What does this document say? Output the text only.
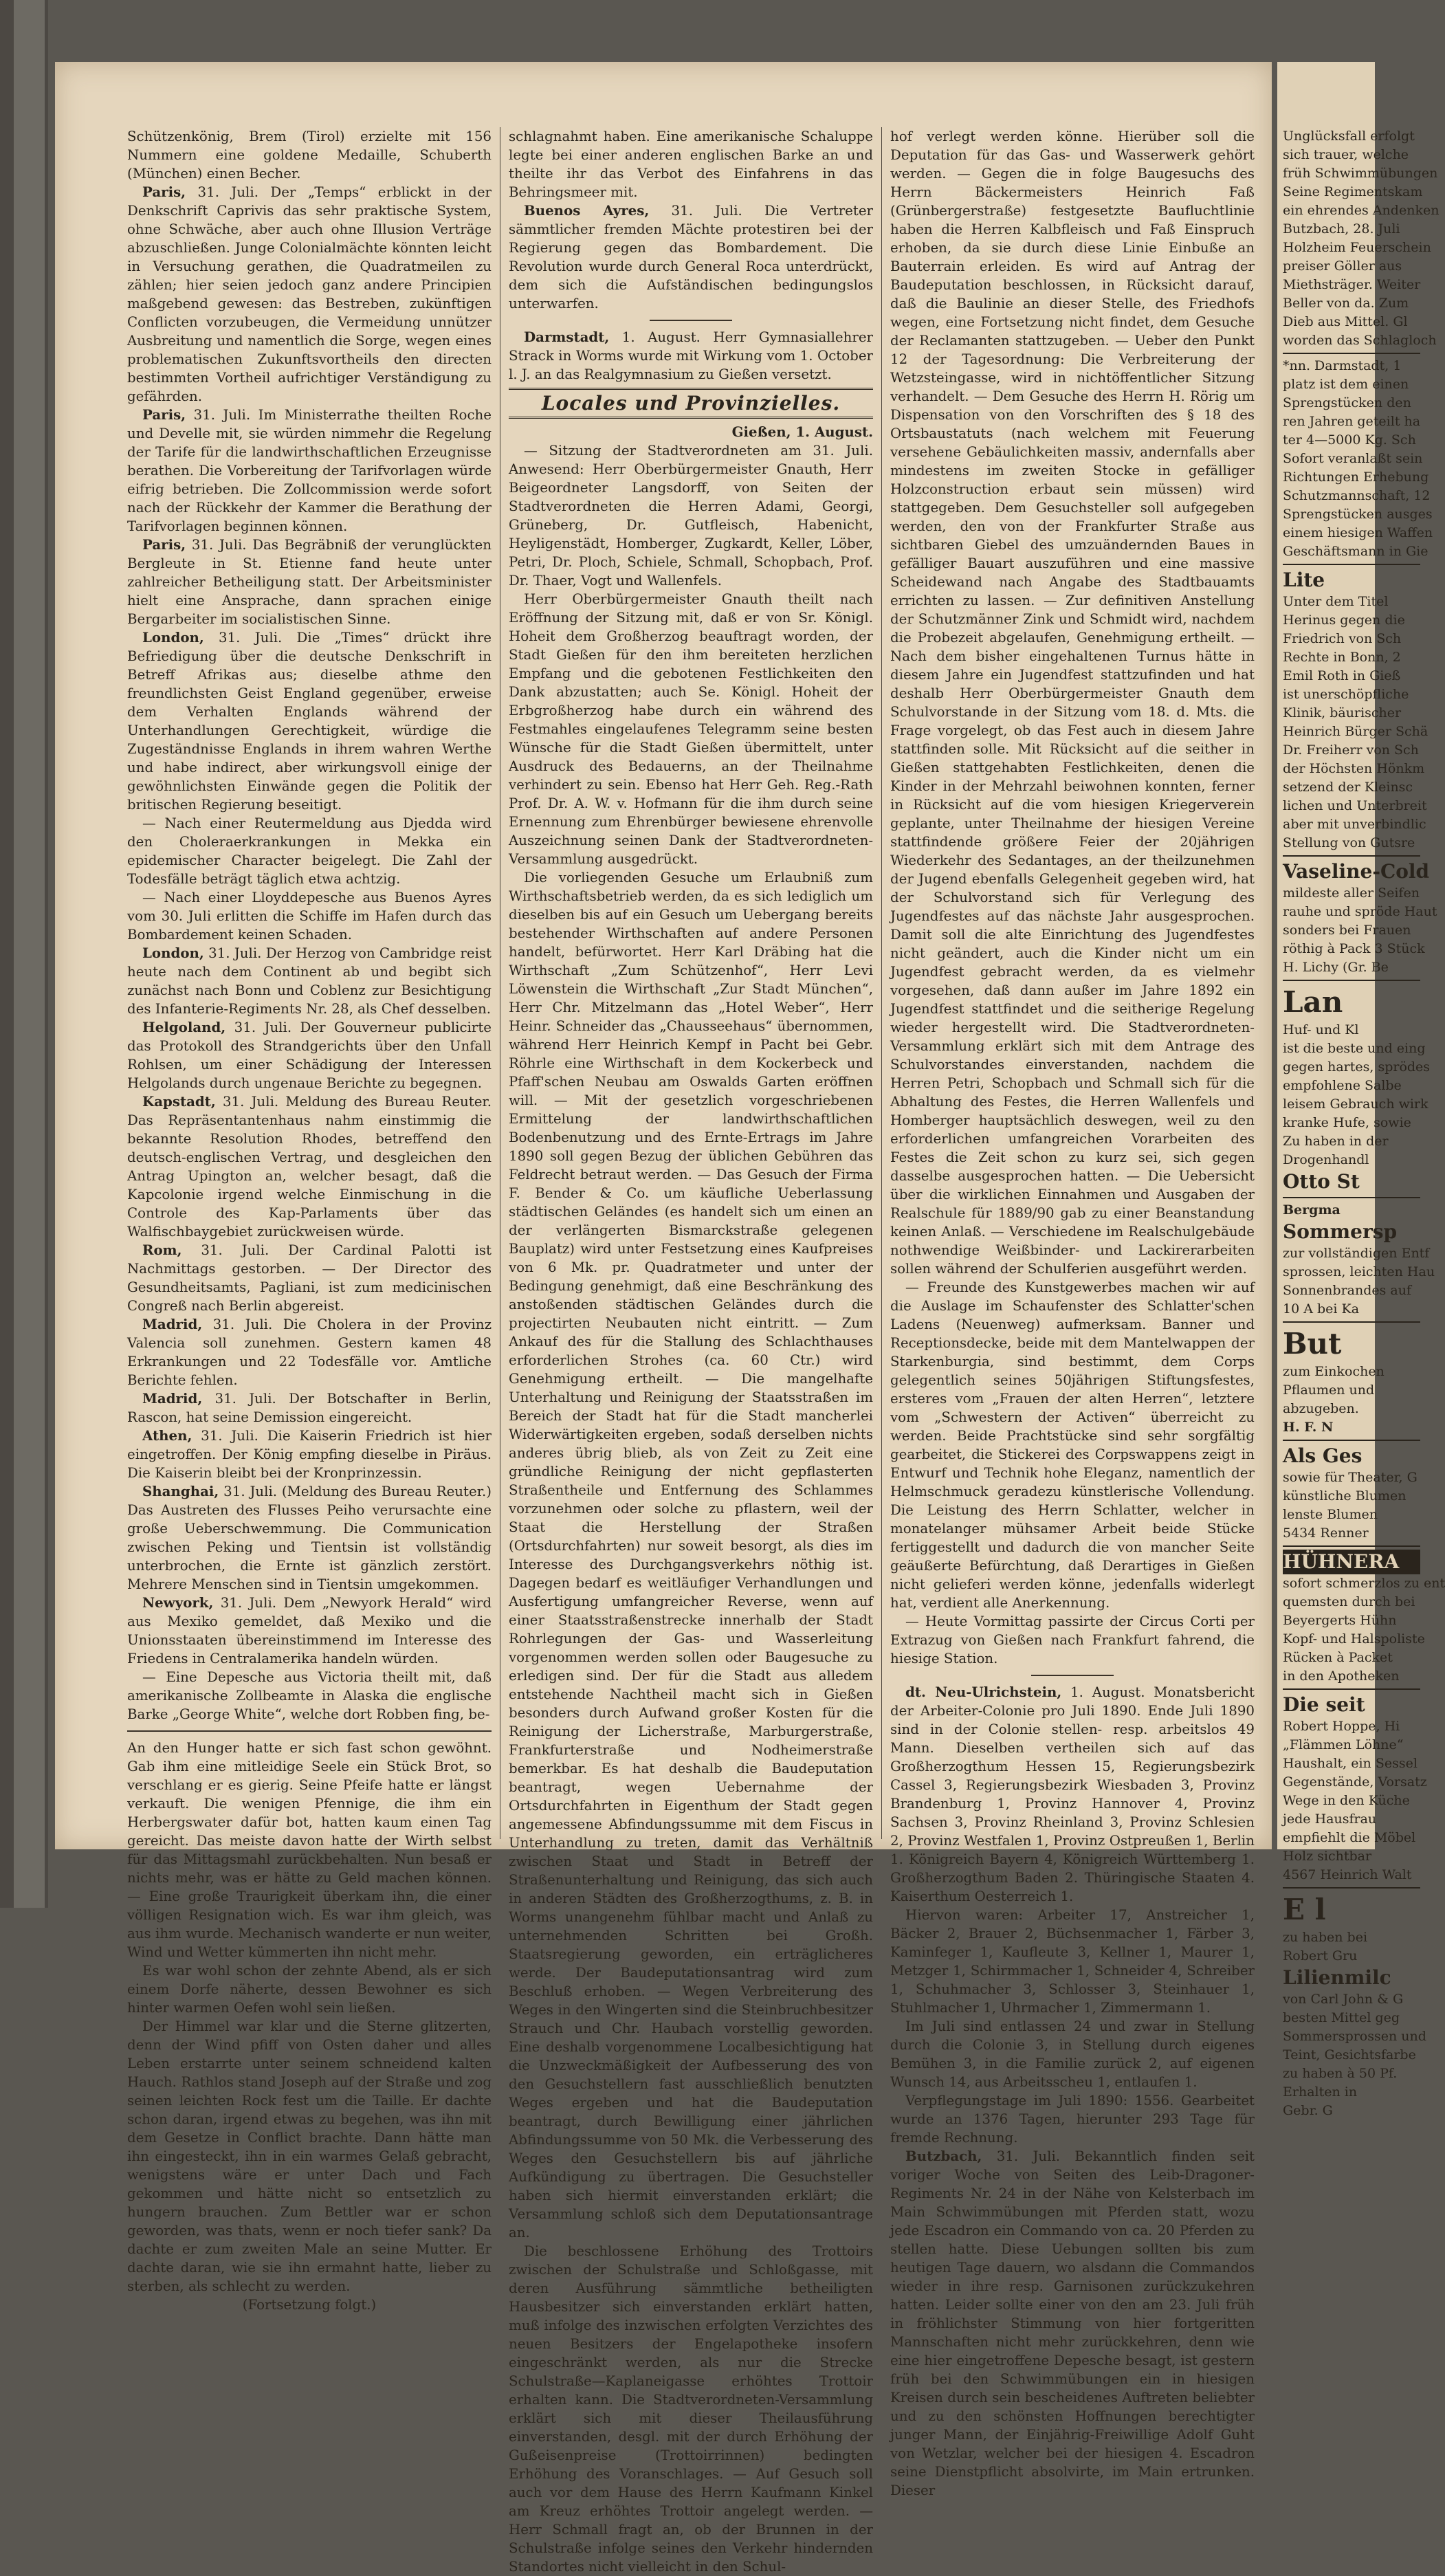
Schützenkönig, Brem (Tirol) erzielte mit 156 Nummern eine goldene Medaille, Schuberth (München) einen Becher.

Paris, 31. Juli. Der „Temps“ erblickt in der Denkschrift Caprivis das sehr praktische System, ohne Schwäche, aber auch ohne Illusion Verträge abzuschließen. Junge Colonialmächte könnten leicht in Versuchung gerathen, die Quadratmeilen zu zählen; hier seien jedoch ganz andere Principien maßgebend gewesen: das Bestreben, zukünftigen Conflicten vorzubeugen, die Vermeidung unnützer Ausbreitung und namentlich die Sorge, wegen eines problematischen Zukunftsvortheils den directen bestimmten Vortheil aufrichtiger Verständigung zu gefährden.

Paris, 31. Juli. Im Ministerrathe theilten Roche und Develle mit, sie würden nimmehr die Regelung der Tarife für die landwirthschaftlichen Erzeugnisse berathen. Die Vorbereitung der Tarifvorlagen würde eifrig betrieben. Die Zollcommission werde sofort nach der Rückkehr der Kammer die Berathung der Tarifvorlagen beginnen können.

Paris, 31. Juli. Das Begräbniß der verunglückten Bergleute in St. Etienne fand heute unter zahlreicher Betheiligung statt. Der Arbeitsminister hielt eine Ansprache, dann sprachen einige Bergarbeiter im socialistischen Sinne.

London, 31. Juli. Die „Times“ drückt ihre Befriedigung über die deutsche Denkschrift in Betreff Afrikas aus; dieselbe athme den freundlichsten Geist England gegenüber, erweise dem Verhalten Englands während der Unterhandlungen Gerechtigkeit, würdige die Zugeständnisse Englands in ihrem wahren Werthe und habe indirect, aber wirkungsvoll einige der gewöhnlichsten Einwände gegen die Politik der britischen Regierung beseitigt.

— Nach einer Reutermeldung aus Djedda wird den Choleraerkrankungen in Mekka ein epidemischer Character beigelegt. Die Zahl der Todesfälle beträgt täglich etwa achtzig.

— Nach einer Lloyddepesche aus Buenos Ayres vom 30. Juli erlitten die Schiffe im Hafen durch das Bombardement keinen Schaden.

London, 31. Juli. Der Herzog von Cambridge reist heute nach dem Continent ab und begibt sich zunächst nach Bonn und Coblenz zur Besichtigung des Infanterie-Regiments Nr. 28, als Chef desselben.

Helgoland, 31. Juli. Der Gouverneur publicirte das Protokoll des Strandgerichts über den Unfall Rohlsen, um einer Schädigung der Interessen Helgolands durch ungenaue Berichte zu begegnen.

Kapstadt, 31. Juli. Meldung des Bureau Reuter. Das Repräsentantenhaus nahm einstimmig die bekannte Resolution Rhodes, betreffend den deutsch-englischen Vertrag, und desgleichen den Antrag Upington an, welcher besagt, daß die Kapcolonie irgend welche Einmischung in die Controle des Kap-Parlaments über das Walfischbaygebiet zurückweisen würde.

Rom, 31. Juli. Der Cardinal Palotti ist Nachmittags gestorben. — Der Director des Gesundheitsamts, Pagliani, ist zum medicinischen Congreß nach Berlin abgereist.

Madrid, 31. Juli. Die Cholera in der Provinz Valencia soll zunehmen. Gestern kamen 48 Erkrankungen und 22 Todesfälle vor. Amtliche Berichte fehlen.

Madrid, 31. Juli. Der Botschafter in Berlin, Rascon, hat seine Demission eingereicht.

Athen, 31. Juli. Die Kaiserin Friedrich ist hier eingetroffen. Der König empfing dieselbe in Piräus. Die Kaiserin bleibt bei der Kronprinzessin.

Shanghai, 31. Juli. (Meldung des Bureau Reuter.) Das Austreten des Flusses Peiho verursachte eine große Ueberschwemmung. Die Communication zwischen Peking und Tientsin ist vollständig unterbrochen, die Ernte ist gänzlich zerstört. Mehrere Menschen sind in Tientsin umgekommen.

Newyork, 31. Juli. Dem „Newyork Herald“ wird aus Mexiko gemeldet, daß Mexiko und die Unionsstaaten übereinstimmend im Interesse des Friedens in Centralamerika handeln würden.

— Eine Depesche aus Victoria theilt mit, daß amerikanische Zollbeamte in Alaska die englische Barke „George White“, welche dort Robben fing, be-

An den Hunger hatte er sich fast schon gewöhnt. Gab ihm eine mitleidige Seele ein Stück Brot, so verschlang er es gierig. Seine Pfeife hatte er längst verkauft. Die wenigen Pfennige, die ihm ein Herbergswater dafür bot, hatten kaum einen Tag gereicht. Das meiste davon hatte der Wirth selbst für das Mittagsmahl zurückbehalten. Nun besaß er nichts mehr, was er hätte zu Geld machen können. — Eine große Traurigkeit überkam ihn, die einer völligen Resignation wich. Es war ihm gleich, was aus ihm wurde. Mechanisch wanderte er nun weiter, Wind und Wetter kümmerten ihn nicht mehr.

Es war wohl schon der zehnte Abend, als er sich einem Dorfe näherte, dessen Bewohner es sich hinter warmen Oefen wohl sein ließen.

Der Himmel war klar und die Sterne glitzerten, denn der Wind pfiff von Osten daher und alles Leben erstarrte unter seinem schneidend kalten Hauch. Rathlos stand Joseph auf der Straße und zog seinen leichten Rock fest um die Taille. Er dachte schon daran, irgend etwas zu begehen, was ihn mit dem Gesetze in Conflict brachte. Dann hätte man ihn eingesteckt, ihn in ein warmes Gelaß gebracht, wenigstens wäre er unter Dach und Fach gekommen und hätte nicht so entsetzlich zu hungern brauchen. Zum Bettler war er schon geworden, was thats, wenn er noch tiefer sank? Da dachte er zum zweiten Male an seine Mutter. Er dachte daran, wie sie ihn ermahnt hatte, lieber zu sterben, als schlecht zu werden.

(Fortsetzung folgt.)

schlagnahmt haben. Eine amerikanische Schaluppe legte bei einer anderen englischen Barke an und theilte ihr das Verbot des Einfahrens in das Behringsmeer mit.

Buenos Ayres, 31. Juli. Die Vertreter sämmtlicher fremden Mächte protestiren bei der Regierung gegen das Bombardement. Die Revolution wurde durch General Roca unterdrückt, dem sich die Aufständischen bedingungslos unterwarfen.

Darmstadt, 1. August. Herr Gymnasiallehrer Strack in Worms wurde mit Wirkung vom 1. October l. J. an das Realgymnasium zu Gießen versetzt.

Locales und Provinzielles.

Gießen, 1. August.

— Sitzung der Stadtverordneten am 31. Juli. Anwesend: Herr Oberbürgermeister Gnauth, Herr Beigeordneter Langsdorff, von Seiten der Stadtverordneten die Herren Adami, Georgi, Grüneberg, Dr. Gutfleisch, Habenicht, Heyligenstädt, Homberger, Zugkardt, Keller, Löber, Petri, Dr. Ploch, Schiele, Schmall, Schopbach, Prof. Dr. Thaer, Vogt und Wallenfels.

Herr Oberbürgermeister Gnauth theilt nach Eröffnung der Sitzung mit, daß er von Sr. Königl. Hoheit dem Großherzog beauftragt worden, der Stadt Gießen für den ihm bereiteten herzlichen Empfang und die gebotenen Festlichkeiten den Dank abzustatten; auch Se. Königl. Hoheit der Erbgroßherzog habe durch ein während des Festmahles eingelaufenes Telegramm seine besten Wünsche für die Stadt Gießen übermittelt, unter Ausdruck des Bedauerns, an der Theilnahme verhindert zu sein. Ebenso hat Herr Geh. Reg.-Rath Prof. Dr. A. W. v. Hofmann für die ihm durch seine Ernennung zum Ehrenbürger bewiesene ehrenvolle Auszeichnung seinen Dank der Stadtverordneten-Versammlung ausgedrückt.

Die vorliegenden Gesuche um Erlaubniß zum Wirthschaftsbetrieb werden, da es sich lediglich um dieselben bis auf ein Gesuch um Uebergang bereits bestehender Wirthschaften auf andere Personen handelt, befürwortet. Herr Karl Dräbing hat die Wirthschaft „Zum Schützenhof“, Herr Levi Löwenstein die Wirthschaft „Zur Stadt München“, Herr Chr. Mitzelmann das „Hotel Weber“, Herr Heinr. Schneider das „Chausseehaus“ übernommen, während Herr Heinrich Kempf in Pacht bei Gebr. Röhrle eine Wirthschaft in dem Kockerbeck und Pfaff'schen Neubau am Oswalds Garten eröffnen will. — Mit der gesetzlich vorgeschriebenen Ermittelung der landwirthschaftlichen Bodenbenutzung und des Ernte-Ertrags im Jahre 1890 soll gegen Bezug der üblichen Gebühren das Feldrecht betraut werden. — Das Gesuch der Firma F. Bender & Co. um käufliche Ueberlassung städtischen Geländes (es handelt sich um einen an der verlängerten Bismarckstraße gelegenen Bauplatz) wird unter Festsetzung eines Kaufpreises von 6 Mk. pr. Quadratmeter und unter der Bedingung genehmigt, daß eine Beschränkung des anstoßenden städtischen Geländes durch die projectirten Neubauten nicht eintritt. — Zum Ankauf des für die Stallung des Schlachthauses erforderlichen Strohes (ca. 60 Ctr.) wird Genehmigung ertheilt. — Die mangelhafte Unterhaltung und Reinigung der Staatsstraßen im Bereich der Stadt hat für die Stadt mancherlei Widerwärtigkeiten ergeben, sodaß derselben nichts anderes übrig blieb, als von Zeit zu Zeit eine gründliche Reinigung der nicht gepflasterten Straßentheile und Entfernung des Schlammes vorzunehmen oder solche zu pflastern, weil der Staat die Herstellung der Straßen (Ortsdurchfahrten) nur soweit besorgt, als dies im Interesse des Durchgangsverkehrs nöthig ist. Dagegen bedarf es weitläufiger Verhandlungen und Ausfertigung umfangreicher Reverse, wenn auf einer Staatsstraßenstrecke innerhalb der Stadt Rohrlegungen der Gas- und Wasserleitung vorgenommen werden sollen oder Baugesuche zu erledigen sind. Der für die Stadt aus alledem entstehende Nachtheil macht sich in Gießen besonders durch Aufwand großer Kosten für die Reinigung der Licherstraße, Marburgerstraße, Frankfurterstraße und Nodheimerstraße bemerkbar. Es hat deshalb die Baudeputation beantragt, wegen Uebernahme der Ortsdurchfahrten in Eigenthum der Stadt gegen angemessene Abfindungssumme mit dem Fiscus in Unterhandlung zu treten, damit das Verhältniß zwischen Staat und Stadt in Betreff der Straßenunterhaltung und Reinigung, das sich auch in anderen Städten des Großherzogthums, z. B. in Worms unangenehm fühlbar macht und Anlaß zu unternehmenden Schritten bei Großh. Staatsregierung geworden, ein erträglicheres werde. Der Baudeputationsantrag wird zum Beschluß erhoben. — Wegen Verbreiterung des Weges in den Wingerten sind die Steinbruchbesitzer Strauch und Chr. Haubach vorstellig geworden. Eine deshalb vorgenommene Localbesichtigung hat die Unzweckmäßigkeit der Aufbesserung des von den Gesuchstellern fast ausschließlich benutzten Weges ergeben und hat die Baudeputation beantragt, durch Bewilligung einer jährlichen Abfindungssumme von 50 Mk. die Verbesserung des Weges den Gesuchstellern bis auf jährliche Aufkündigung zu übertragen. Die Gesuchsteller haben sich hiermit einverstanden erklärt; die Versammlung schloß sich dem Deputationsantrage an.

Die beschlossene Erhöhung des Trottoirs zwischen der Schulstraße und Schloßgasse, mit deren Ausführung sämmtliche betheiligten Hausbesitzer sich einverstanden erklärt hatten, muß infolge des inzwischen erfolgten Verzichtes des neuen Besitzers der Engelapotheke insofern eingeschränkt werden, als nur die Strecke Schulstraße—Kaplaneigasse erhöhtes Trottoir erhalten kann. Die Stadtverordneten-Versammlung erklärt sich mit dieser Theilausführung einverstanden, desgl. mit der durch Erhöhung der Gußeisenpreise (Trottoirrinnen) bedingten Erhöhung des Voranschlages. — Auf Gesuch soll auch vor dem Hause des Herrn Kaufmann Kinkel am Kreuz erhöhtes Trottoir angelegt werden. — Herr Schmall fragt an, ob der Brunnen in der Schulstraße infolge seines den Verkehr hindernden Standortes nicht vielleicht in den Schul-

hof verlegt werden könne. Hierüber soll die Deputation für das Gas- und Wasserwerk gehört werden. — Gegen die in folge Baugesuchs des Herrn Bäckermeisters Heinrich Faß (Grünbergerstraße) festgesetzte Baufluchtlinie haben die Herren Kalbfleisch und Faß Einspruch erhoben, da sie durch diese Linie Einbuße an Bauterrain erleiden. Es wird auf Antrag der Baudeputation beschlossen, in Rücksicht darauf, daß die Baulinie an dieser Stelle, des Friedhofs wegen, eine Fortsetzung nicht findet, dem Gesuche der Reclamanten stattzugeben. — Ueber den Punkt 12 der Tagesordnung: Die Verbreiterung der Wetzsteingasse, wird in nichtöffentlicher Sitzung verhandelt. — Dem Gesuche des Herrn H. Rörig um Dispensation von den Vorschriften des § 18 des Ortsbaustatuts (nach welchem mit Feuerung versehene Gebäulichkeiten massiv, andernfalls aber mindestens im zweiten Stocke in gefälliger Holzconstruction erbaut sein müssen) wird stattgegeben. Dem Gesuchsteller soll aufgegeben werden, den von der Frankfurter Straße aus sichtbaren Giebel des umzuändernden Baues in gefälliger Bauart auszuführen und eine massive Scheidewand nach Angabe des Stadtbauamts errichten zu lassen. — Zur definitiven Anstellung der Schutzmänner Zink und Schmidt wird, nachdem die Probezeit abgelaufen, Genehmigung ertheilt. — Nach dem bisher eingehaltenen Turnus hätte in diesem Jahre ein Jugendfest stattzufinden und hat deshalb Herr Oberbürgermeister Gnauth dem Schulvorstande in der Sitzung vom 18. d. Mts. die Frage vorgelegt, ob das Fest auch in diesem Jahre stattfinden solle. Mit Rücksicht auf die seither in Gießen stattgehabten Festlichkeiten, denen die Kinder in der Mehrzahl beiwohnen konnten, ferner in Rücksicht auf die vom hiesigen Kriegerverein geplante, unter Theilnahme der hiesigen Vereine stattfindende größere Feier der 20jährigen Wiederkehr des Sedantages, an der theilzunehmen der Jugend ebenfalls Gelegenheit gegeben wird, hat der Schulvorstand sich für Verlegung des Jugendfestes auf das nächste Jahr ausgesprochen. Damit soll die alte Einrichtung des Jugendfestes nicht geändert, auch die Kinder nicht um ein Jugendfest gebracht werden, da es vielmehr vorgesehen, daß dann außer im Jahre 1892 ein Jugendfest stattfindet und die seitherige Regelung wieder hergestellt wird. Die Stadtverordneten-Versammlung erklärt sich mit dem Antrage des Schulvorstandes einverstanden, nachdem die Herren Petri, Schopbach und Schmall sich für die Abhaltung des Festes, die Herren Wallenfels und Homberger hauptsächlich deswegen, weil zu den erforderlichen umfangreichen Vorarbeiten des Festes die Zeit schon zu kurz sei, sich gegen dasselbe ausgesprochen hatten. — Die Uebersicht über die wirklichen Einnahmen und Ausgaben der Realschule für 1889/90 gab zu einer Beanstandung keinen Anlaß. — Verschiedene im Realschulgebäude nothwendige Weißbinder- und Lackirerarbeiten sollen während der Schulferien ausgeführt werden.

— Freunde des Kunstgewerbes machen wir auf die Auslage im Schaufenster des Schlatter'schen Ladens (Neuenweg) aufmerksam. Banner und Receptionsdecke, beide mit dem Mantelwappen der Starkenburgia, sind bestimmt, dem Corps gelegentlich seines 50jährigen Stiftungsfestes, ersteres vom „Frauen der alten Herren“, letztere vom „Schwestern der Activen“ überreicht zu werden. Beide Prachtstücke sind sehr sorgfältig gearbeitet, die Stickerei des Corpswappens zeigt in Entwurf und Technik hohe Eleganz, namentlich der Helmschmuck geradezu künstlerische Vollendung. Die Leistung des Herrn Schlatter, welcher in monatelanger mühsamer Arbeit beide Stücke fertiggestellt und dadurch die von mancher Seite geäußerte Befürchtung, daß Derartiges in Gießen nicht gelieferi werden könne, jedenfalls widerlegt hat, verdient alle Anerkennung.

— Heute Vormittag passirte der Circus Corti per Extrazug von Gießen nach Frankfurt fahrend, die hiesige Station.

dt. Neu-Ulrichstein, 1. August. Monatsbericht der Arbeiter-Colonie pro Juli 1890. Ende Juli 1890 sind in der Colonie stellen- resp. arbeitslos 49 Mann. Dieselben vertheilen sich auf das Großherzogthum Hessen 15, Regierungsbezirk Cassel 3, Regierungsbezirk Wiesbaden 3, Provinz Brandenburg 1, Provinz Hannover 4, Provinz Sachsen 3, Provinz Rheinland 3, Provinz Schlesien 2, Provinz Westfalen 1, Provinz Ostpreußen 1, Berlin 1. Königreich Bayern 4, Königreich Württemberg 1. Großherzogthum Baden 2. Thüringische Staaten 4. Kaiserthum Oesterreich 1.

Hiervon waren: Arbeiter 17, Anstreicher 1, Bäcker 2, Brauer 2, Büchsenmacher 1, Färber 3, Kaminfeger 1, Kaufleute 3, Kellner 1, Maurer 1, Metzger 1, Schirmmacher 1, Schneider 4, Schreiber 1, Schuhmacher 3, Schlosser 3, Steinhauer 1, Stuhlmacher 1, Uhrmacher 1, Zimmermann 1.

Im Juli sind entlassen 24 und zwar in Stellung durch die Colonie 3, in Stellung durch eigenes Bemühen 3, in die Familie zurück 2, auf eigenen Wunsch 14, aus Arbeitsscheu 1, entlaufen 1.

Verpflegungstage im Juli 1890: 1556. Gearbeitet wurde an 1376 Tagen, hierunter 293 Tage für fremde Rechnung.

Butzbach, 31. Juli. Bekanntlich finden seit voriger Woche von Seiten des Leib-Dragoner-Regiments Nr. 24 in der Nähe von Kelsterbach im Main Schwimmübungen mit Pferden statt, wozu jede Escadron ein Commando von ca. 20 Pferden zu stellen hatte. Diese Uebungen sollten bis zum heutigen Tage dauern, wo alsdann die Commandos wieder in ihre resp. Garnisonen zurückzukehren hatten. Leider sollte einer von den am 23. Juli früh in fröhlichster Stimmung von hier fortgeritten Mannschaften nicht mehr zurückkehren, denn wie eine hier eingetroffene Depesche besagt, ist gestern früh bei den Schwimmübungen ein in hiesigen Kreisen durch sein bescheidenes Auftreten beliebter und zu den schönsten Hoffnungen berechtigter junger Mann, der Einjährig-Freiwillige Adolf Guht von Wetzlar, welcher bei der hiesigen 4. Escadron seine Dienstpflicht absolvirte, im Main ertrunken. Dieser

Unglücksfall erfolgt
sich trauer, welche
früh Schwimmübungen
Seine Regimentskam
ein ehrendes Andenken
Butzbach, 28. Juli
Holzheim Feuerschein
preiser Göller aus
Miethsträger. Weiter
Beller von da. Zum
Dieb aus Mittel. Gl
worden das Schlagloch
*nn. Darmstadt, 1
platz ist dem einen
Sprengstücken den
ren Jahren geteilt ha
ter 4—5000 Kg. Sch
Sofort veranlaßt sein
Richtungen Erhebung
Schutzmannschaft, 12
Sprengstücken ausges
einem hiesigen Waffen
Geschäftsmann in Gie
Lite
Unter dem Titel
Herinus gegen die
Friedrich von Sch
Rechte in Bonn, 2
Emil Roth in Gieß
ist unerschöpfliche
Klinik, bäurischer
Heinrich Bürger Schä
Dr. Freiherr von Sch
der Höchsten Hönkm
setzend der Kleinsc
lichen und Unterbreit
aber mit unverbindlic
Stellung von Gutsre
Vaseline-Cold
mildeste aller Seifen
rauhe und spröde Haut
sonders bei Frauen
röthig à Pack 3 Stück
H. Lichy (Gr. Be
Lan
Huf- und Kl
ist die beste und eing
gegen hartes, sprödes
empfohlene Salbe
leisem Gebrauch wirk
kranke Hufe, sowie
Zu haben in der
Drogenhandl
Otto St
Bergma
Sommersp
zur vollständigen Entf
sprossen, leichten Hau
Sonnenbrandes auf
10 A bei Ka
But
zum Einkochen
Pflaumen und
abzugeben.
H. F. N
Als Ges
sowie für Theater, G
künstliche Blumen
lenste Blumen
5434 Renner
HÜHNERA
sofort schmerzlos zu ent
quemsten durch bei
Beyergerts Hühn
Kopf- und Halspoliste
Rücken à Packet
in den Apotheken
Die seit
Robert Hoppe, Hi
„Flämmen Löhne“
Haushalt, ein Sessel
Gegenstände, Vorsatz
Wege in den Küche
jede Hausfrau
empfiehlt die Möbel
Holz sichtbar
4567 Heinrich Walt
E l
zu haben bei
Robert Gru
Lilienmilc
von Carl John & G
besten Mittel geg
Sommersprossen und
Teint, Gesichtsfarbe
zu haben à 50 Pf.
Erhalten in
Gebr. G
